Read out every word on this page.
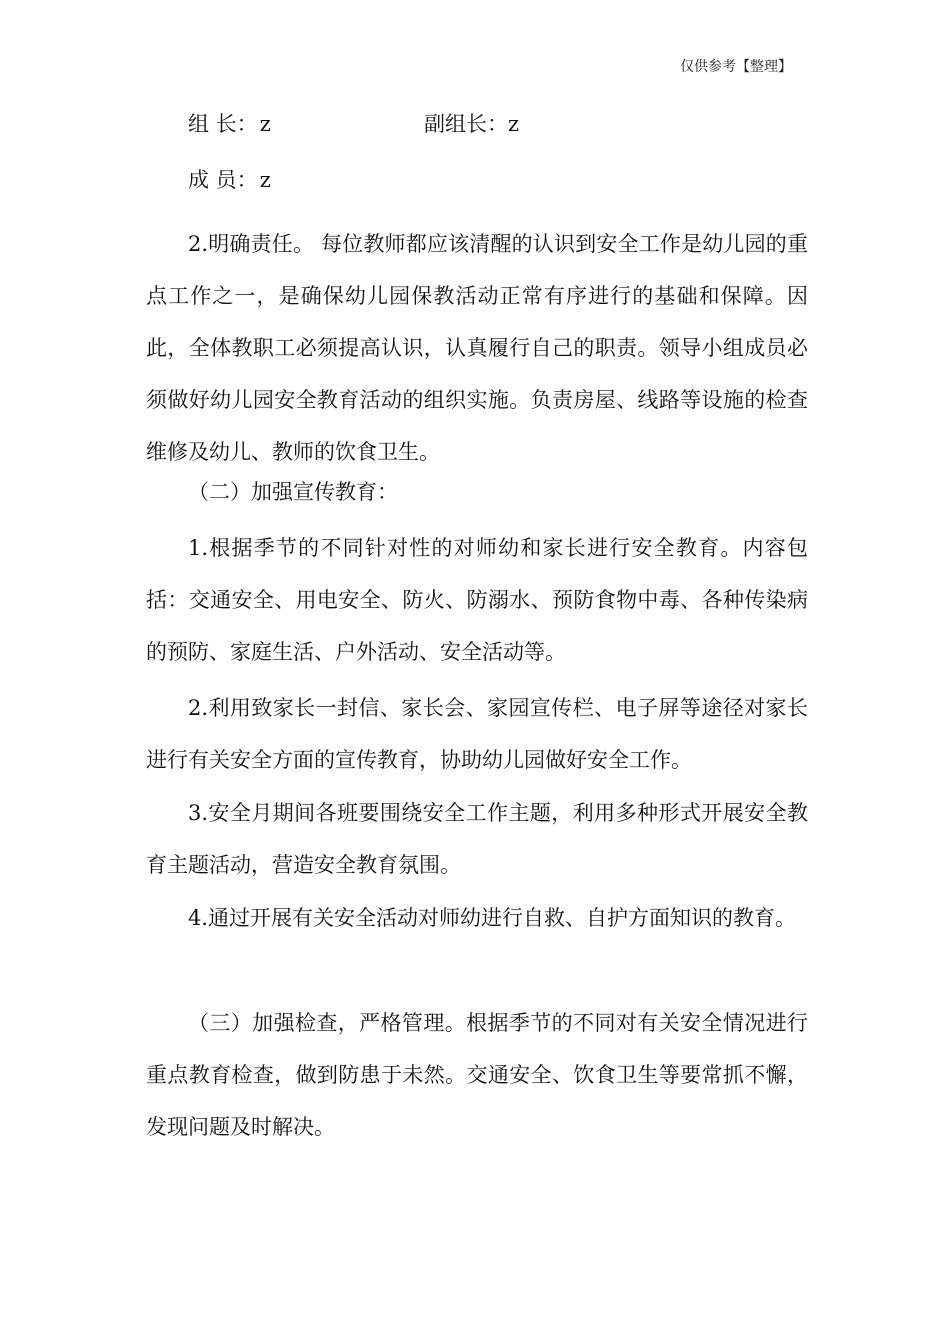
仅供参考【整理】
组 长：z	副组长：z
成 员：z

2.明确责任。 每位教师都应该清醒的认识到安全工作是幼儿园的重点工作之一，是确保幼儿园保教活动正常有序进行的基础和保障。因此，全体教职工必须提高认识，认真履行自己的职责。领导小组成员必须做好幼儿园安全教育活动的组织实施。负责房屋、线路等设施的检查维修及幼儿、教师的饮食卫生。

（二）加强宣传教育：

1.根据季节的不同针对性的对师幼和家长进行安全教育。内容包括：交通安全、用电安全、防火、防溺水、预防食物中毒、各种传染病的预防、家庭生活、户外活动、安全活动等。

2.利用致家长一封信、家长会、家园宣传栏、电子屏等途径对家长进行有关安全方面的宣传教育，协助幼儿园做好安全工作。

3.安全月期间各班要围绕安全工作主题，利用多种形式开展安全教育主题活动，营造安全教育氛围。

4.通过开展有关安全活动对师幼进行自救、自护方面知识的教育。

（三）加强检查，严格管理。根据季节的不同对有关安全情况进行重点教育检查，做到防患于未然。交通安全、饮食卫生等要常抓不懈，发现问题及时解决。
